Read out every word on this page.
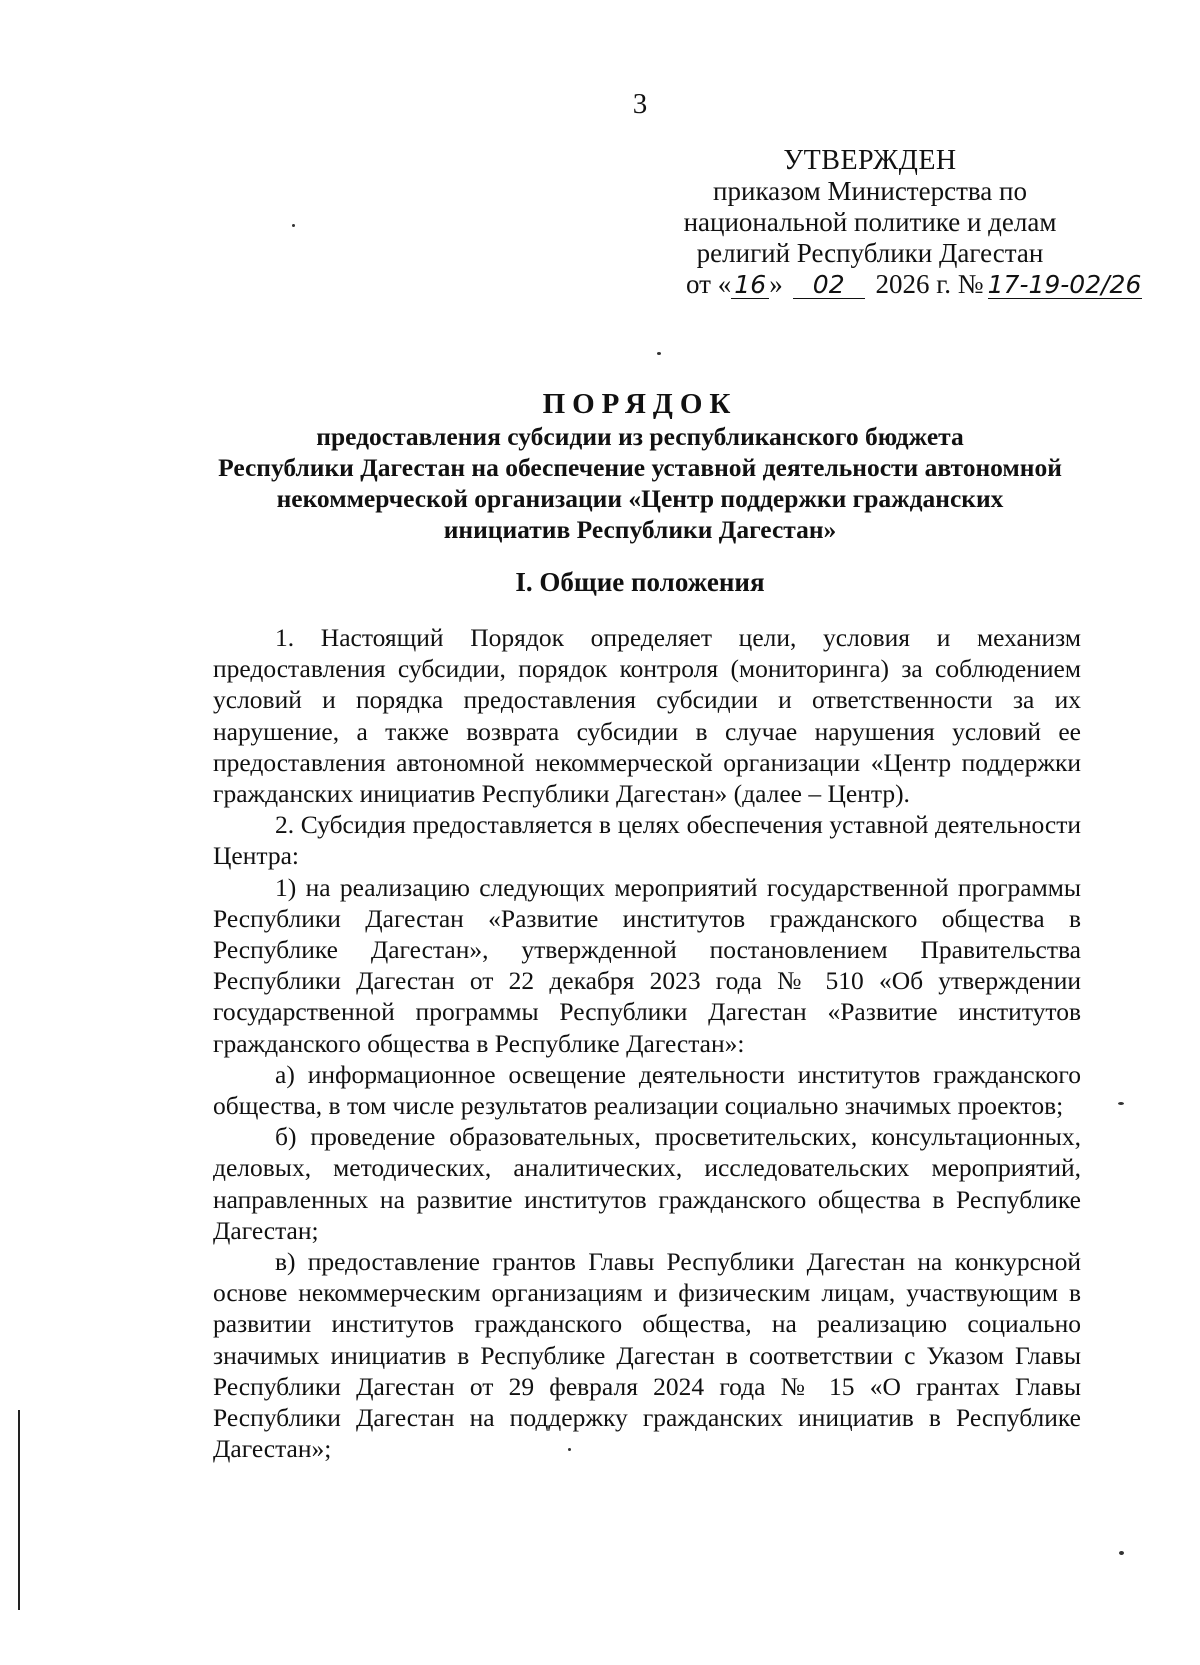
3
УТВЕРЖДЕН
приказом Министерства по
национальной политике и делам
религий Республики Дагестан
от « 16 » 02 2026 г. № 17-19-02/26
ПОРЯДОК
предоставления субсидии из республиканского бюджета
Республики Дагестан на обеспечение уставной деятельности автономной
некоммерческой организации «Центр поддержки гражданских
инициатив Республики Дагестан»
I. Общие положения

1. Настоящий Порядок определяет цели, условия и механизм предоставления субсидии, порядок контроля (мониторинга) за соблюдением условий и порядка предоставления субсидии и ответственности за их нарушение, а также возврата субсидии в случае нарушения условий ее предоставления автономной некоммерческой организации «Центр поддержки гражданских инициатив Республики Дагестан» (далее – Центр).

2. Субсидия предоставляется в целях обеспечения уставной деятельности Центра:

1) на реализацию следующих мероприятий государственной программы Республики Дагестан «Развитие институтов гражданского общества в Республике Дагестан», утвержденной постановлением Правительства Республики Дагестан от 22 декабря 2023 года № 510 «Об утверждении государственной программы Республики Дагестан «Развитие институтов гражданского общества в Республике Дагестан»:

а) информационное освещение деятельности институтов гражданского общества, в том числе результатов реализации социально значимых проектов;

б) проведение образовательных, просветительских, консультационных, деловых, методических, аналитических, исследовательских мероприятий, направленных на развитие институтов гражданского общества в Республике Дагестан;

в) предоставление грантов Главы Республики Дагестан на конкурсной основе некоммерческим организациям и физическим лицам, участвующим в развитии институтов гражданского общества, на реализацию социально значимых инициатив в Республике Дагестан в соответствии с Указом Главы Республики Дагестан от 29 февраля 2024 года № 15 «О грантах Главы Республики Дагестан на поддержку гражданских инициатив в Республике Дагестан»;
